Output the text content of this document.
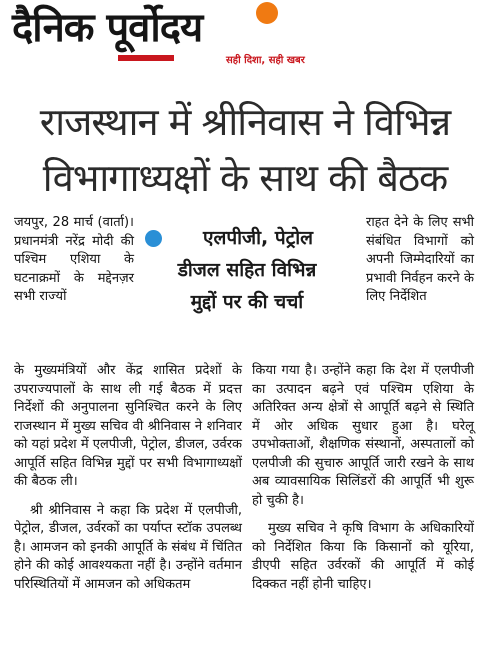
दैनिक पूर्वोदय
सही दिशा, सही खबर
राजस्थान में श्रीनिवास ने विभिन्न विभागाध्यक्षों के साथ की बैठक

जयपुर, 28 मार्च (वार्ता)। प्रधानमंत्री नरेंद्र मोदी की पश्चिम एशिया के घटनाक्रमों के मद्देनज़र सभी राज्यों

एलपीजी, पेट्रोल
डीजल सहित विभिन्न
मुद्दों पर की चर्चा

राहत देने के लिए सभी संबंधित विभागों को अपनी जिम्मेदारियों का प्रभावी निर्वहन करने के लिए निर्देशित

के मुख्यमंत्रियों और केंद्र शासित प्रदेशों के उपराज्यपालों के साथ ली गई बैठक में प्रदत्त निर्देशों की अनुपालना सुनिश्चित करने के लिए राजस्थान में मुख्य सचिव वी श्रीनिवास ने शनिवार को यहां प्रदेश में एलपीजी, पेट्रोल, डीजल, उर्वरक आपूर्ति सहित विभिन्न मुद्दों पर सभी विभागाध्यक्षों की बैठक ली।

श्री श्रीनिवास ने कहा कि प्रदेश में एलपीजी, पेट्रोल, डीजल, उर्वरकों का पर्याप्त स्टॉक उपलब्ध है। आमजन को इनकी आपूर्ति के संबंध में चिंतित होने की कोई आवश्यकता नहीं है। उन्होंने वर्तमान परिस्थितियों में आमजन को अधिकतम

किया गया है। उन्होंने कहा कि देश में एलपीजी का उत्पादन बढ़ने एवं पश्चिम एशिया के अतिरिक्त अन्य क्षेत्रों से आपूर्ति बढ़ने से स्थिति में ओर अधिक सुधार हुआ है। घरेलू उपभोक्ताओं, शैक्षणिक संस्थानों, अस्पतालों को एलपीजी की सुचारु आपूर्ति जारी रखने के साथ अब व्यावसायिक सिलिंडरों की आपूर्ति भी शुरू हो चुकी है।

मुख्य सचिव ने कृषि विभाग के अधिकारियों को निर्देशित किया कि किसानों को यूरिया, डीएपी सहित उर्वरकों की आपूर्ति में कोई दिक्कत नहीं होनी चाहिए।
